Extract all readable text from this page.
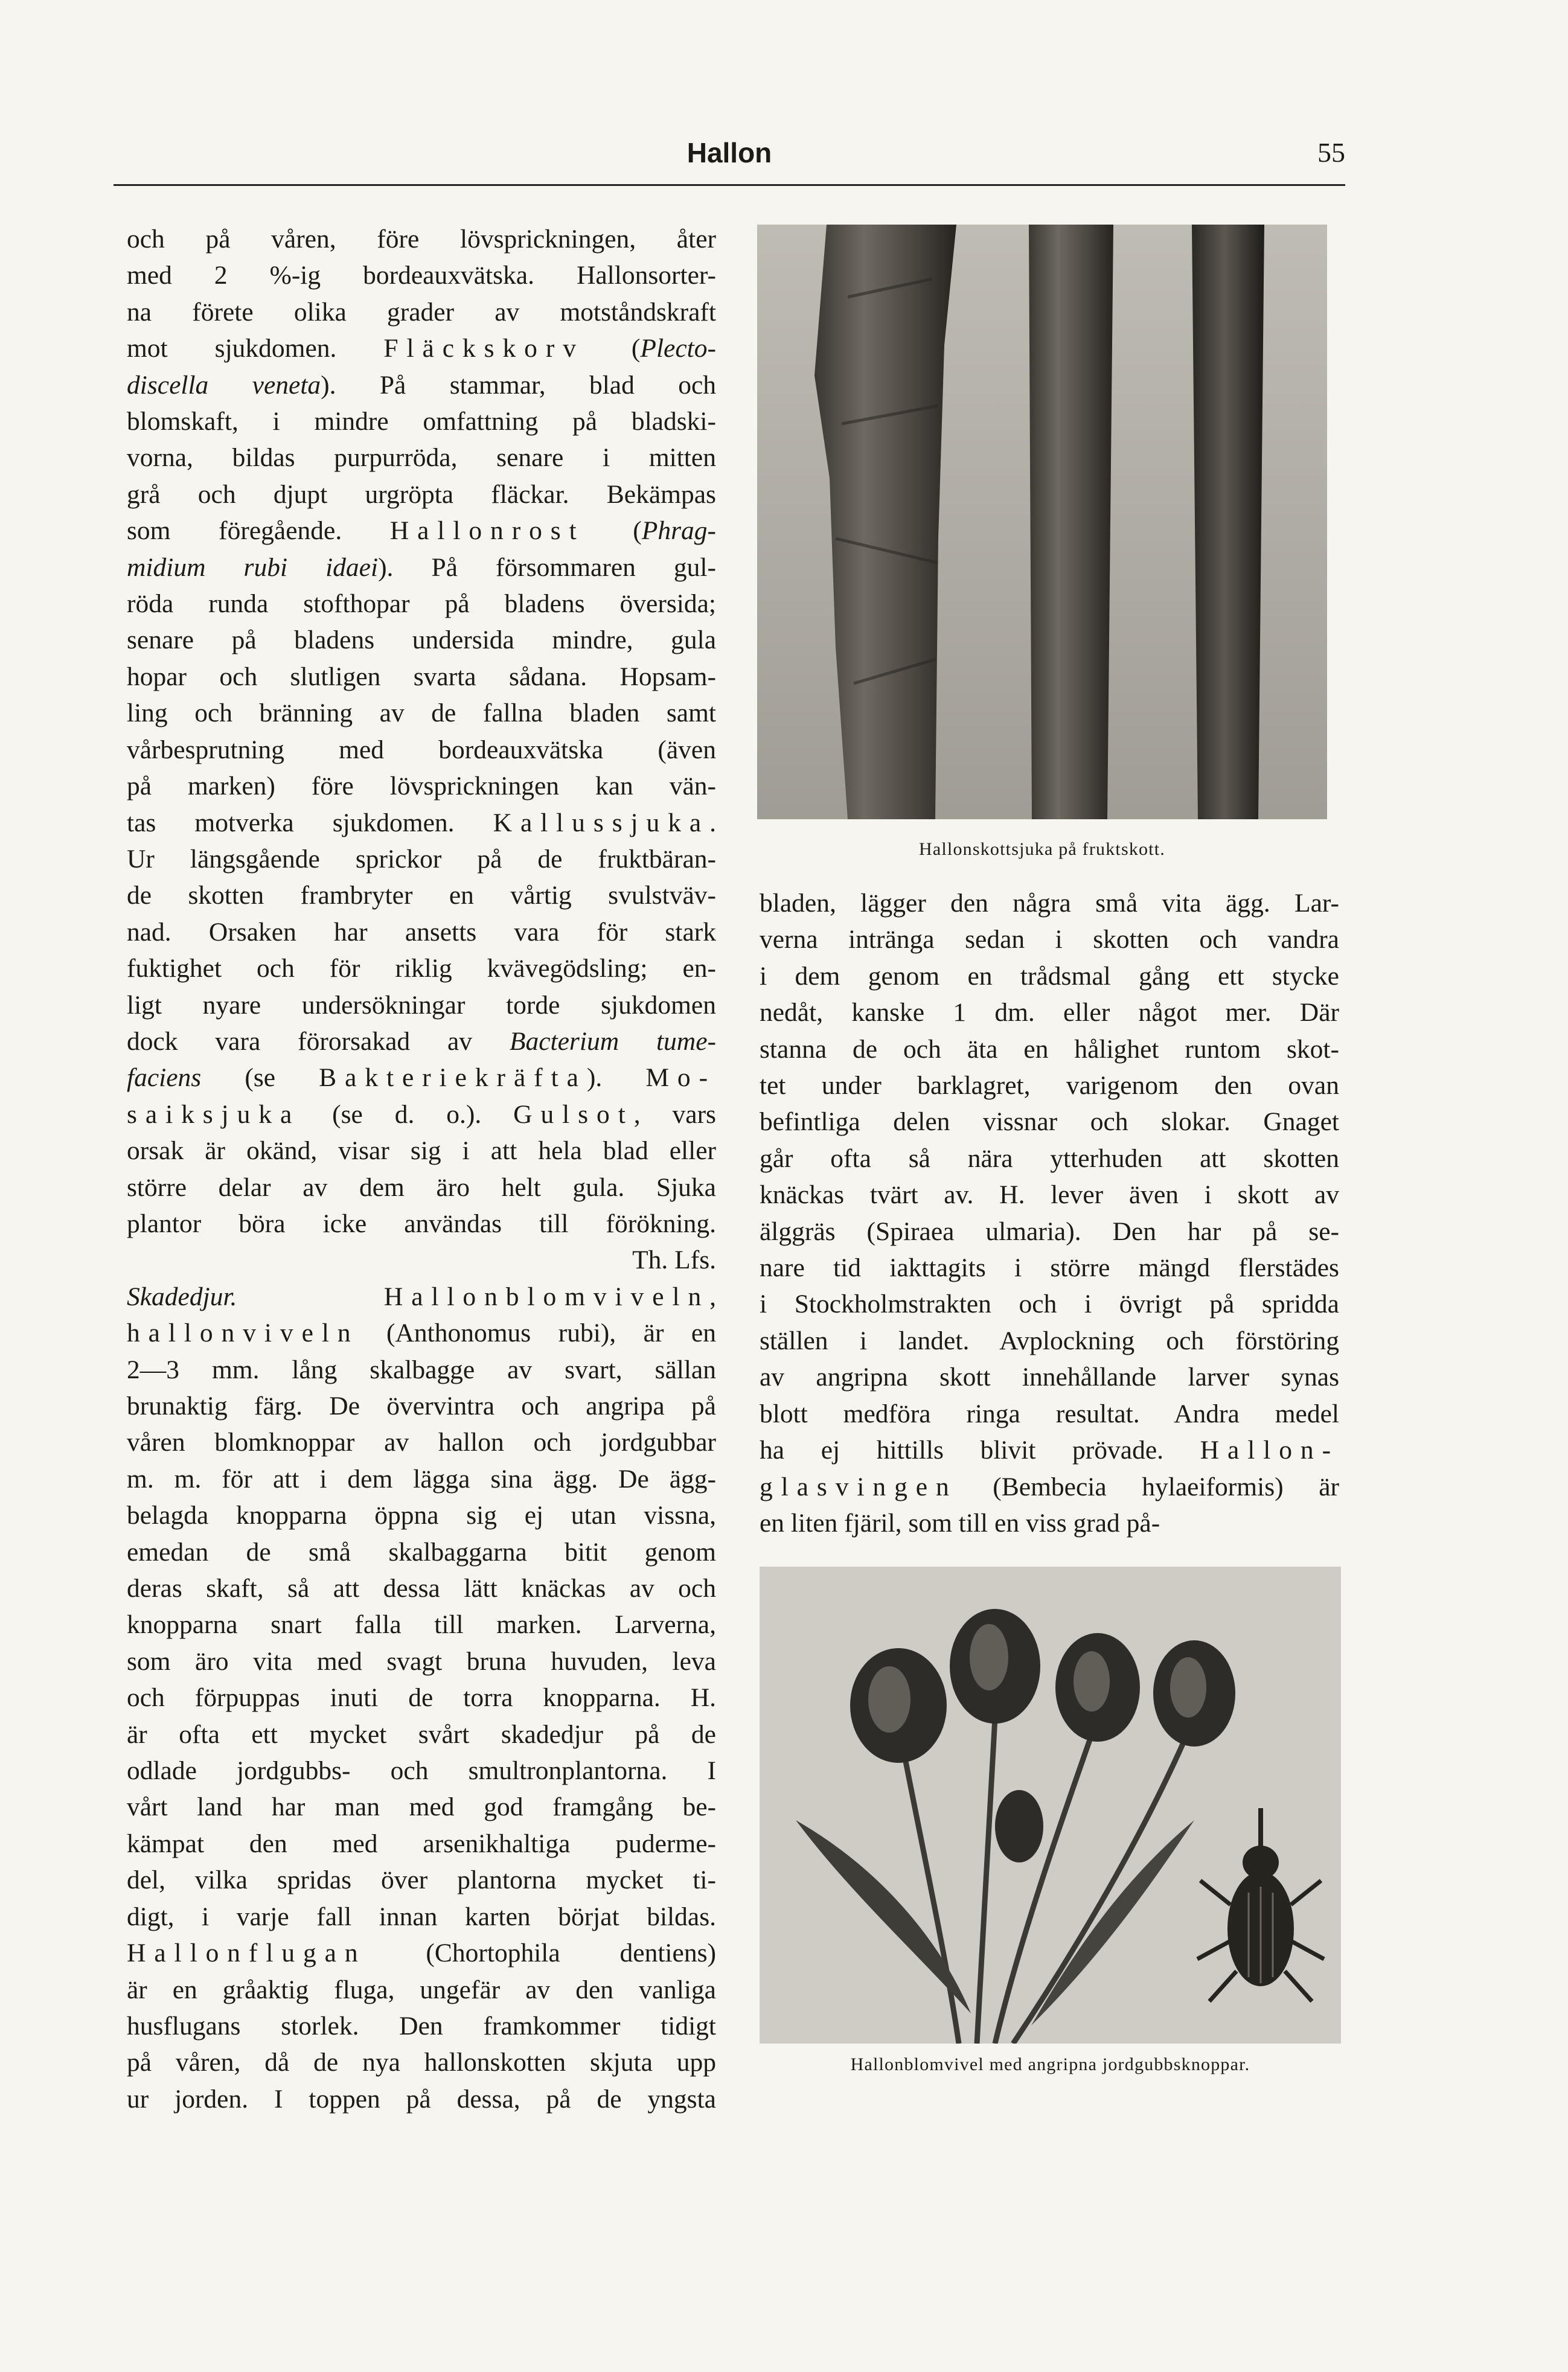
Hallon	55
och på våren, före lövsprickningen, åter
med 2 %-ig bordeauxvätska. Hallonsorter-
na förete olika grader av motståndskraft
mot sjukdomen. Fläckskorv (Plecto-
discella veneta). På stammar, blad och
blomskaft, i mindre omfattning på bladski-
vorna, bildas purpurröda, senare i mitten
grå och djupt urgröpta fläckar. Bekämpas
som föregående. Hallonrost (Phrag-
midium rubi idaei). På försommaren gul-
röda runda stofthopar på bladens översida;
senare på bladens undersida mindre, gula
hopar och slutligen svarta sådana. Hopsam-
ling och bränning av de fallna bladen samt
vårbesprutning med bordeauxvätska (även
på marken) före lövsprickningen kan vän-
tas motverka sjukdomen. Kallussjuka.
Ur längsgående sprickor på de fruktbäran-
de skotten frambryter en vårtig svulstväv-
nad. Orsaken har ansetts vara för stark
fuktighet och för riklig kvävegödsling; en-
ligt nyare undersökningar torde sjukdomen
dock vara förorsakad av Bacterium tume-
faciens (se Bakteriekräfta). Mo-
saiksjuka (se d. o.). Gulsot, vars
orsak är okänd, visar sig i att hela blad eller
större delar av dem äro helt gula. Sjuka
plantor böra icke användas till förökning.
Th. Lfs.
Skadedjur.	Hallonblomviveln,
hallonviveln (Anthonomus rubi), är en
2—3 mm. lång skalbagge av svart, sällan
brunaktig färg. De övervintra och angripa på
våren blomknoppar av hallon och jordgubbar
m. m. för att i dem lägga sina ägg. De ägg-
belagda knopparna öppna sig ej utan vissna,
emedan de små skalbaggarna bitit genom
deras skaft, så att dessa lätt knäckas av och
knopparna snart falla till marken. Larverna,
som äro vita med svagt bruna huvuden, leva
och förpuppas inuti de torra knopparna. H.
är ofta ett mycket svårt skadedjur på de
odlade jordgubbs- och smultronplantorna. I
vårt land har man med god framgång be-
kämpat den med arsenikhaltiga pudermе-
del, vilka spridas över plantorna mycket ti-
digt, i varje fall innan karten börjat bildas.
Hallonflugan (Chortophila dentiens)
är en gråaktig fluga, ungefär av den vanliga
husflugans storlek. Den framkommer tidigt
på våren, då de nya hallonskotten skjuta upp
ur jorden. I toppen på dessa, på de yngsta
Hallonskottsjuka på fruktskott.
bladen, lägger den några små vita ägg. Lar-
verna intränga sedan i skotten och vandra
i dem genom en trådsmal gång ett stycke
nedåt, kanske 1 dm. eller något mer. Där
stanna de och äta en hålighet runtom skot-
tet under barklagret, varigenom den ovan
befintliga delen vissnar och slokar. Gnaget
går ofta så nära ytterhuden att skotten
knäckas tvärt av. H. lever även i skott av
älggräs (Spiraea ulmaria). Den har på se-
nare tid iakttagits i större mängd flerstädes
i Stockholmstrakten och i övrigt på spridda
ställen i landet. Avplockning och förstöring
av angripna skott innehållande larver synas
blott medföra ringa resultat. Andra medel
ha ej hittills blivit prövade. Hallon-
glasvingen (Bembecia hylaeiformis) är
en liten fjäril, som till en viss grad på-
Hallonblomvivel med angripna jordgubbsknoppar.
